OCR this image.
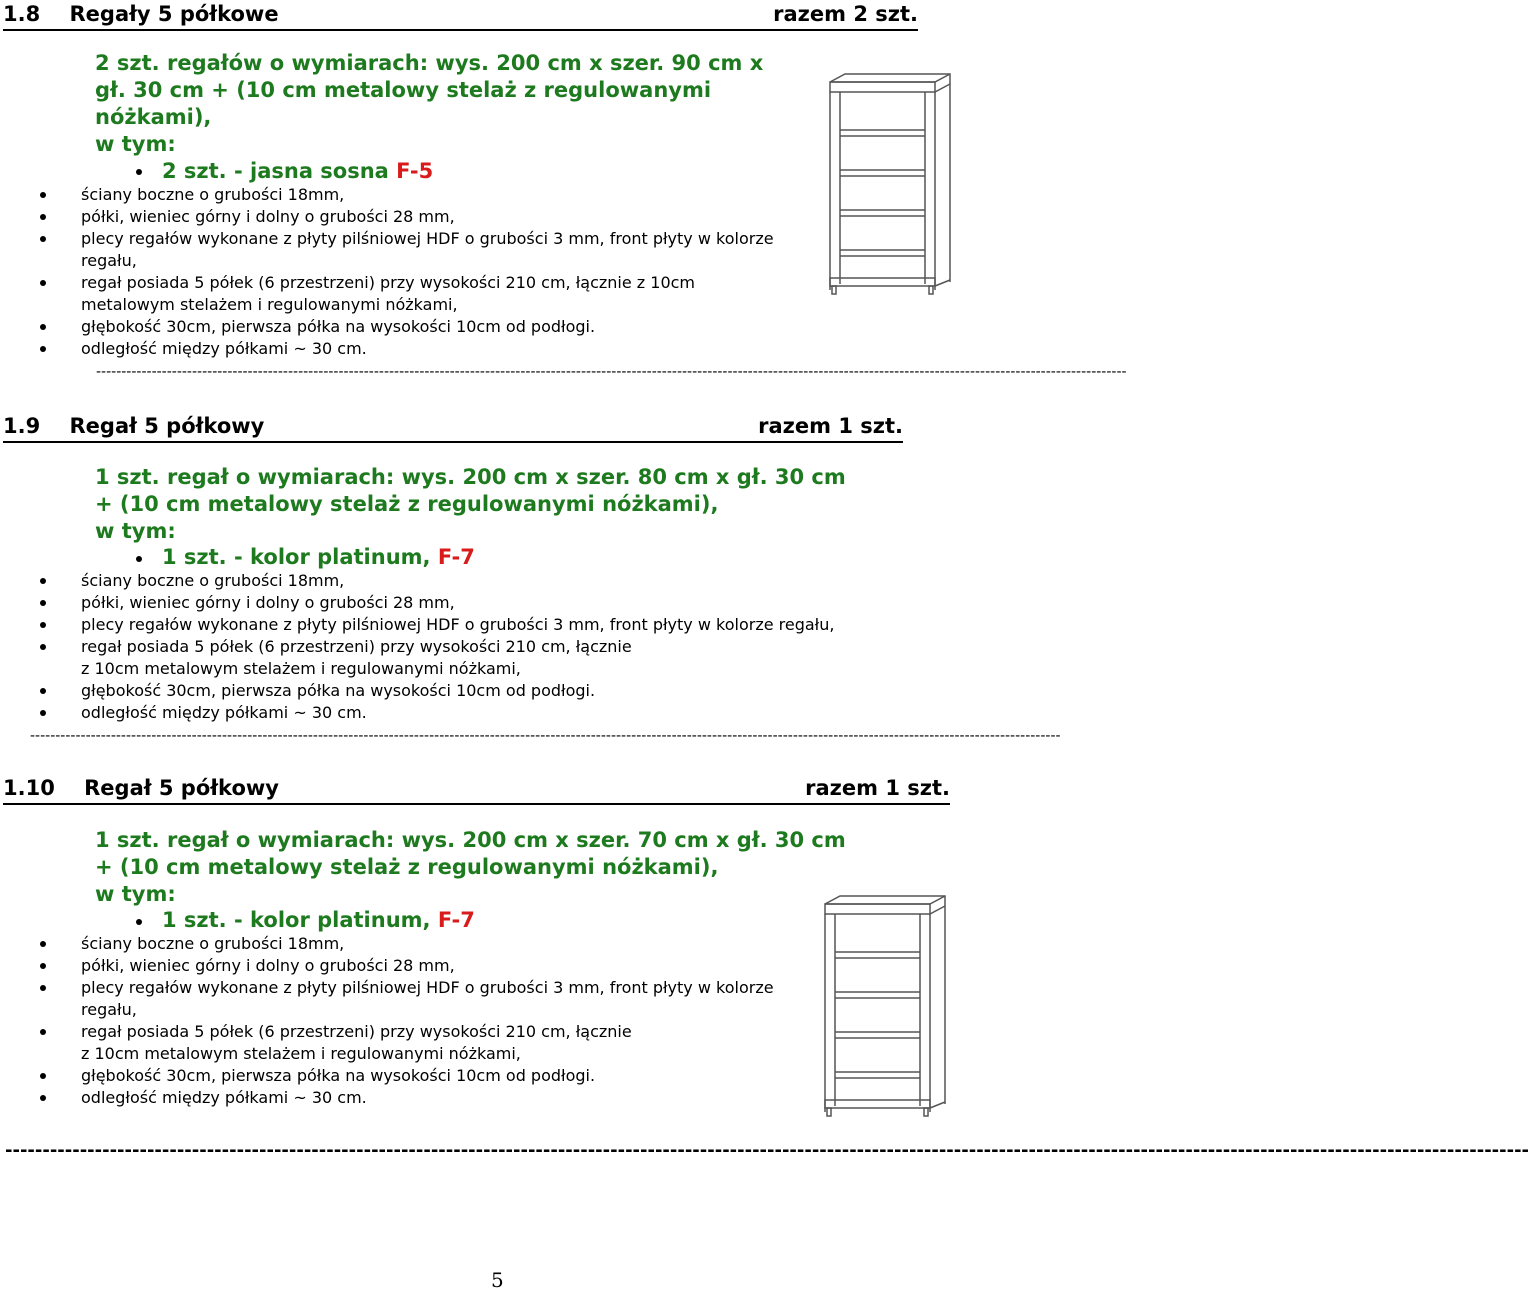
1.8 Regały 5 półkowe	razem 2 szt.
2 szt. regałów o wymiarach: wys. 200 cm x szer. 90 cm x
gł. 30 cm + (10 cm metalowy stelaż z regulowanymi
nóżkami),
w tym:
2 szt. - jasna sosna F-5
ściany boczne o grubości 18mm,
półki, wieniec górny i dolny o grubości 28 mm,
plecy regałów wykonane z płyty pilśniowej HDF o grubości 3 mm, front płyty w kolorze
regału,
regał posiada 5 półek (6 przestrzeni) przy wysokości 210 cm, łącznie z 10cm
metalowym stelażem i regulowanymi nóżkami,
głębokość 30cm, pierwsza półka na wysokości 10cm od podłogi.
odległość między półkami ~ 30 cm.
------------------------------------------------------------------------------------------------------------------------------------------------------------------------------------------------------------
1.9 Regał 5 półkowy	razem 1 szt.
1 szt. regał o wymiarach: wys. 200 cm x szer. 80 cm x gł. 30 cm
+ (10 cm metalowy stelaż z regulowanymi nóżkami),
w tym:
1 szt. - kolor platinum, F-7
ściany boczne o grubości 18mm,
półki, wieniec górny i dolny o grubości 28 mm,
plecy regałów wykonane z płyty pilśniowej HDF o grubości 3 mm, front płyty w kolorze regału,
regał posiada 5 półek (6 przestrzeni) przy wysokości 210 cm, łącznie
z 10cm metalowym stelażem i regulowanymi nóżkami,
głębokość 30cm, pierwsza półka na wysokości 10cm od podłogi.
odległość między półkami ~ 30 cm.
------------------------------------------------------------------------------------------------------------------------------------------------------------------------------------------------------------
1.10 Regał 5 półkowy	razem 1 szt.
1 szt. regał o wymiarach: wys. 200 cm x szer. 70 cm x gł. 30 cm
+ (10 cm metalowy stelaż z regulowanymi nóżkami),
w tym:
1 szt. - kolor platinum, F-7
ściany boczne o grubości 18mm,
półki, wieniec górny i dolny o grubości 28 mm,
plecy regałów wykonane z płyty pilśniowej HDF o grubości 3 mm, front płyty w kolorze
regału,
regał posiada 5 półek (6 przestrzeni) przy wysokości 210 cm, łącznie
z 10cm metalowym stelażem i regulowanymi nóżkami,
głębokość 30cm, pierwsza półka na wysokości 10cm od podłogi.
odległość między półkami ~ 30 cm.
------------------------------------------------------------------------------------------------------------------------------------------------------------------------------------------------------------
5
